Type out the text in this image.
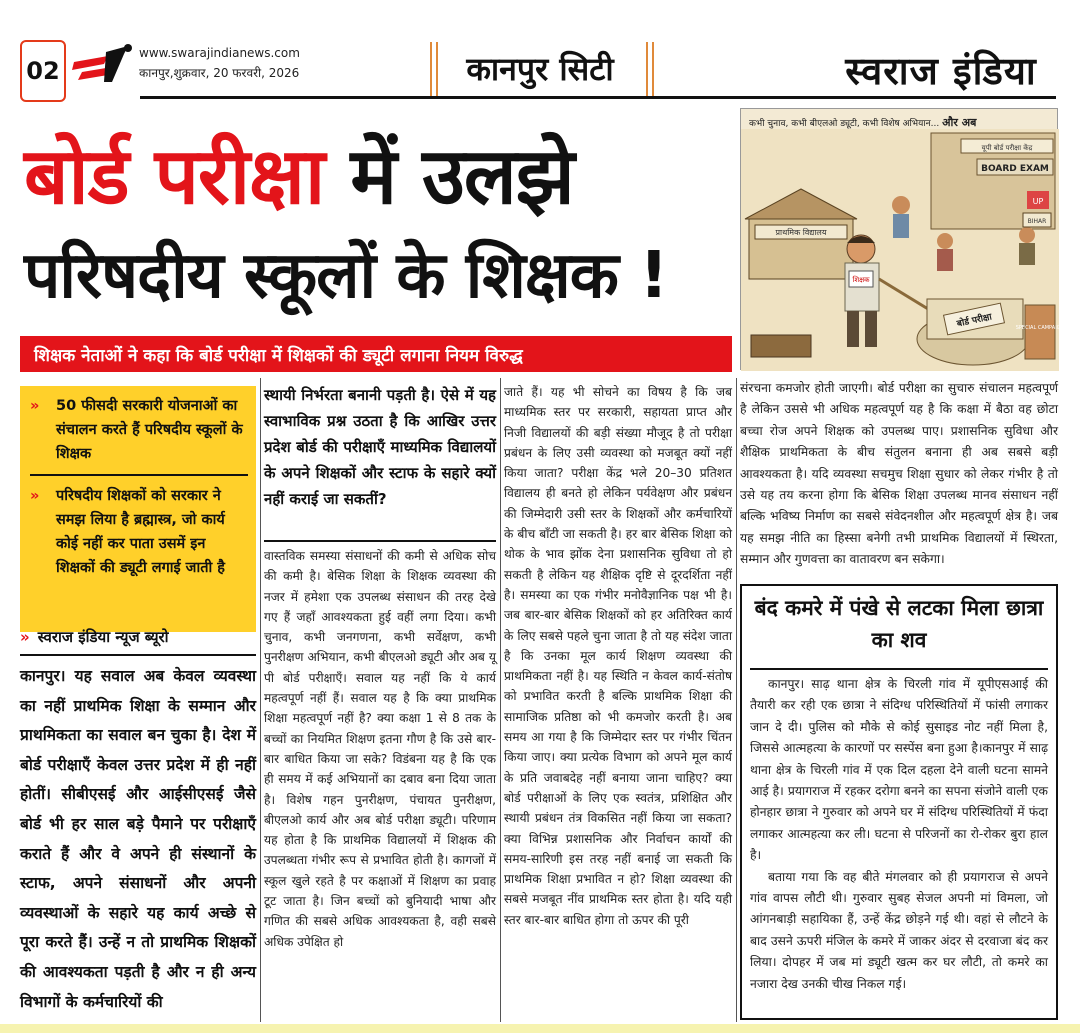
02
www.swarajindianews.com
कानपुर,शुक्रवार, 20 फरवरी, 2026	कानपुर सिटी	स्वराज इंडिया
बोर्ड परीक्षा में उलझे
परिषदीय स्कूलों के शिक्षक !
कभी चुनाव, कभी बीएलओ ड्यूटी, कभी विशेष अभियान... और अब
यूपी बोर्ड परीक्षा केंद्र
BOARD EXAM
UP
प्राथमिक विद्यालय
BIHAR
शिक्षक
बोर्ड परीक्षा	SPECIAL CAMPAIGN
शिक्षक नेताओं ने कहा कि बोर्ड परीक्षा में शिक्षकों की ड्यूटी लगाना नियम विरुद्ध
» 50 फीसदी सरकारी योजनाओं का संचालन करते हैं परिषदीय स्कूलों के शिक्षक
» परिषदीय शिक्षकों को सरकार ने समझ लिया है ब्रह्मास्त्र, जो कार्य कोई नहीं कर पाता उसमें इन शिक्षकों की ड्यूटी लगाई जाती है
» स्वराज इंडिया न्यूज ब्यूरो
कानपुर। यह सवाल अब केवल व्यवस्था का नहीं प्राथमिक शिक्षा के सम्मान और प्राथमिकता का सवाल बन चुका है। देश में बोर्ड परीक्षाएँ केवल उत्तर प्रदेश में ही नहीं होतीं। सीबीएसई और आईसीएसई जैसे बोर्ड भी हर साल बड़े पैमाने पर परीक्षाएँ कराते हैं और वे अपने ही संस्थानों के स्टाफ, अपने संसाधनों और अपनी व्यवस्थाओं के सहारे यह कार्य अच्छे से पूरा करते हैं। उन्हें न तो प्राथमिक शिक्षकों की आवश्यकता पड़ती है और न ही अन्य विभागों के कर्मचारियों की
स्थायी निर्भरता बनानी पड़ती है। ऐसे में यह स्वाभाविक प्रश्न उठता है कि आखिर उत्तर प्रदेश बोर्ड की परीक्षाएँ माध्यमिक विद्यालयों के अपने शिक्षकों और स्टाफ के सहारे क्यों नहीं कराई जा सकतीं?
वास्तविक समस्या संसाधनों की कमी से अधिक सोच की कमी है। बेसिक शिक्षा के शिक्षक व्यवस्था की नजर में हमेशा एक उपलब्ध संसाधन की तरह देखे गए हैं जहाँ आवश्यकता हुई वहीं लगा दिया। कभी चुनाव, कभी जनगणना, कभी सर्वेक्षण, कभी पुनरीक्षण अभियान, कभी बीएलओ ड्यूटी और अब यू पी बोर्ड परीक्षाएँ। सवाल यह नहीं कि ये कार्य महत्वपूर्ण नहीं हैं। सवाल यह है कि क्या प्राथमिक शिक्षा महत्वपूर्ण नहीं है? क्या कक्षा 1 से 8 तक के बच्चों का नियमित शिक्षण इतना गौण है कि उसे बार-बार बाधित किया जा सके? विडंबना यह है कि एक ही समय में कई अभियानों का दबाव बना दिया जाता है। विशेष गहन पुनरीक्षण, पंचायत पुनरीक्षण, बीएलओ कार्य और अब बोर्ड परीक्षा ड्यूटी। परिणाम यह होता है कि प्राथमिक विद्यालयों में शिक्षक की उपलब्धता गंभीर रूप से प्रभावित होती है। कागजों में स्कूल खुले रहते है पर कक्षाओं में शिक्षण का प्रवाह टूट जाता है। जिन बच्चों को बुनियादी भाषा और गणित की सबसे अधिक आवश्यकता है, वही सबसे अधिक उपेक्षित हो
जाते हैं। यह भी सोचने का विषय है कि जब माध्यमिक स्तर पर सरकारी, सहायता प्राप्त और निजी विद्यालयों की बड़ी संख्या मौजूद है तो परीक्षा प्रबंधन के लिए उसी व्यवस्था को मजबूत क्यों नहीं किया जाता? परीक्षा केंद्र भले 20–30 प्रतिशत विद्यालय ही बनते हो लेकिन पर्यवेक्षण और प्रबंधन की जिम्मेदारी उसी स्तर के शिक्षकों और कर्मचारियों के बीच बाँटी जा सकती है। हर बार बेसिक शिक्षा को थोक के भाव झोंक देना प्रशासनिक सुविधा तो हो सकती है लेकिन यह शैक्षिक दृष्टि से दूरदर्शिता नहीं है। समस्या का एक गंभीर मनोवैज्ञानिक पक्ष भी है। जब बार-बार बेसिक शिक्षकों को हर अतिरिक्त कार्य के लिए सबसे पहले चुना जाता है तो यह संदेश जाता है कि उनका मूल कार्य शिक्षण व्यवस्था की प्राथमिकता नहीं है। यह स्थिति न केवल कार्य-संतोष को प्रभावित करती है बल्कि प्राथमिक शिक्षा की सामाजिक प्रतिष्ठा को भी कमजोर करती है। अब समय आ गया है कि जिम्मेदार स्तर पर गंभीर चिंतन किया जाए। क्या प्रत्येक विभाग को अपने मूल कार्य के प्रति जवाबदेह नहीं बनाया जाना चाहिए? क्या बोर्ड परीक्षाओं के लिए एक स्वतंत्र, प्रशिक्षित और स्थायी प्रबंधन तंत्र विकसित नहीं किया जा सकता? क्या विभिन्न प्रशासनिक और निर्वाचन कार्यों की समय-सारिणी इस तरह नहीं बनाई जा सकती कि प्राथमिक शिक्षा प्रभावित न हो? शिक्षा व्यवस्था की सबसे मजबूत नींव प्राथमिक स्तर होता है। यदि यही स्तर बार-बार बाधित होगा तो ऊपर की पूरी
संरचना कमजोर होती जाएगी। बोर्ड परीक्षा का सुचारु संचालन महत्वपूर्ण है लेकिन उससे भी अधिक महत्वपूर्ण यह है कि कक्षा में बैठा वह छोटा बच्चा रोज अपने शिक्षक को उपलब्ध पाए। प्रशासनिक सुविधा और शैक्षिक प्राथमिकता के बीच संतुलन बनाना ही अब सबसे बड़ी आवश्यकता है। यदि व्यवस्था सचमुच शिक्षा सुधार को लेकर गंभीर है तो उसे यह तय करना होगा कि बेसिक शिक्षा उपलब्ध मानव संसाधन नहीं बल्कि भविष्य निर्माण का सबसे संवेदनशील और महत्वपूर्ण क्षेत्र है। जब यह समझ नीति का हिस्सा बनेगी तभी प्राथमिक विद्यालयों में स्थिरता, सम्मान और गुणवत्ता का वातावरण बन सकेगा।
बंद कमरे में पंखे से लटका मिला छात्रा का शव

कानपुर। साढ़ थाना क्षेत्र के चिरली गांव में यूपीएसआई की तैयारी कर रही एक छात्रा ने संदिग्ध परिस्थितियों में फांसी लगाकर जान दे दी। पुलिस को मौके से कोई सुसाइड नोट नहीं मिला है, जिससे आत्महत्या के कारणों पर सस्पेंस बना हुआ है।कानपुर में साढ़ थाना क्षेत्र के चिरली गांव में एक दिल दहला देने वाली घटना सामने आई है। प्रयागराज में रहकर दरोगा बनने का सपना संजोने वाली एक होनहार छात्रा ने गुरुवार को अपने घर में संदिग्ध परिस्थितियों में फंदा लगाकर आत्महत्या कर ली। घटना से परिजनों का रो-रोकर बुरा हाल है।

बताया गया कि वह बीते मंगलवार को ही प्रयागराज से अपने गांव वापस लौटी थी। गुरुवार सुबह सेजल अपनी मां विमला, जो आंगनबाड़ी सहायिका हैं, उन्हें केंद्र छोड़ने गई थी। वहां से लौटने के बाद उसने ऊपरी मंजिल के कमरे में जाकर अंदर से दरवाजा बंद कर लिया। दोपहर में जब मां ड्यूटी खत्म कर घर लौटी, तो कमरे का नजारा देख उनकी चीख निकल गई।
